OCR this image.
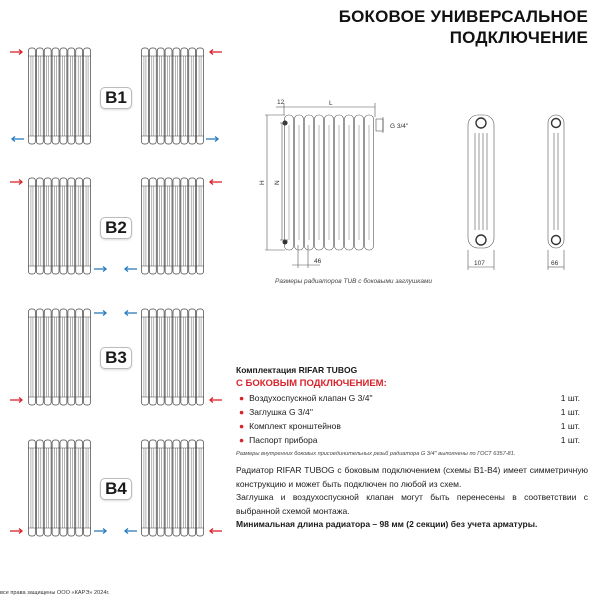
БОКОВОЕ УНИВЕРСАЛЬНОЕ
ПОДКЛЮЧЕНИЕ
B1
B2
B3
B4
12	L
G 3/4''
H N
46	107	66
Размеры радиаторов TUB с боковыми заглушками
Комплектация RIFAR TUBOG
С БОКОВЫМ ПОДКЛЮЧЕНИЕМ:
● Воздухоспускной клапан G 3/4''	1 шт.
● Заглушка G 3/4''	1 шт.
● Комплект кронштейнов	1 шт.
● Паспорт прибора	1 шт.
Размеры внутренних боковых присоединительных резьб радиатора G 3/4'' выполнены по ГОСТ 6357-81.

Радиатор RIFAR TUBOG с боковым подключением (схемы B1-B4) имеет симметричную конструкцию и может быть подключен по любой из схем.

Заглушка и воздухоспускной клапан могут быть перенесены в соответствии с выбранной схемой монтажа.

Минимальная длина радиатора – 98 мм (2 секции) без учета арматуры.

все права защищены ООО «КАРЭ» 2024г.
